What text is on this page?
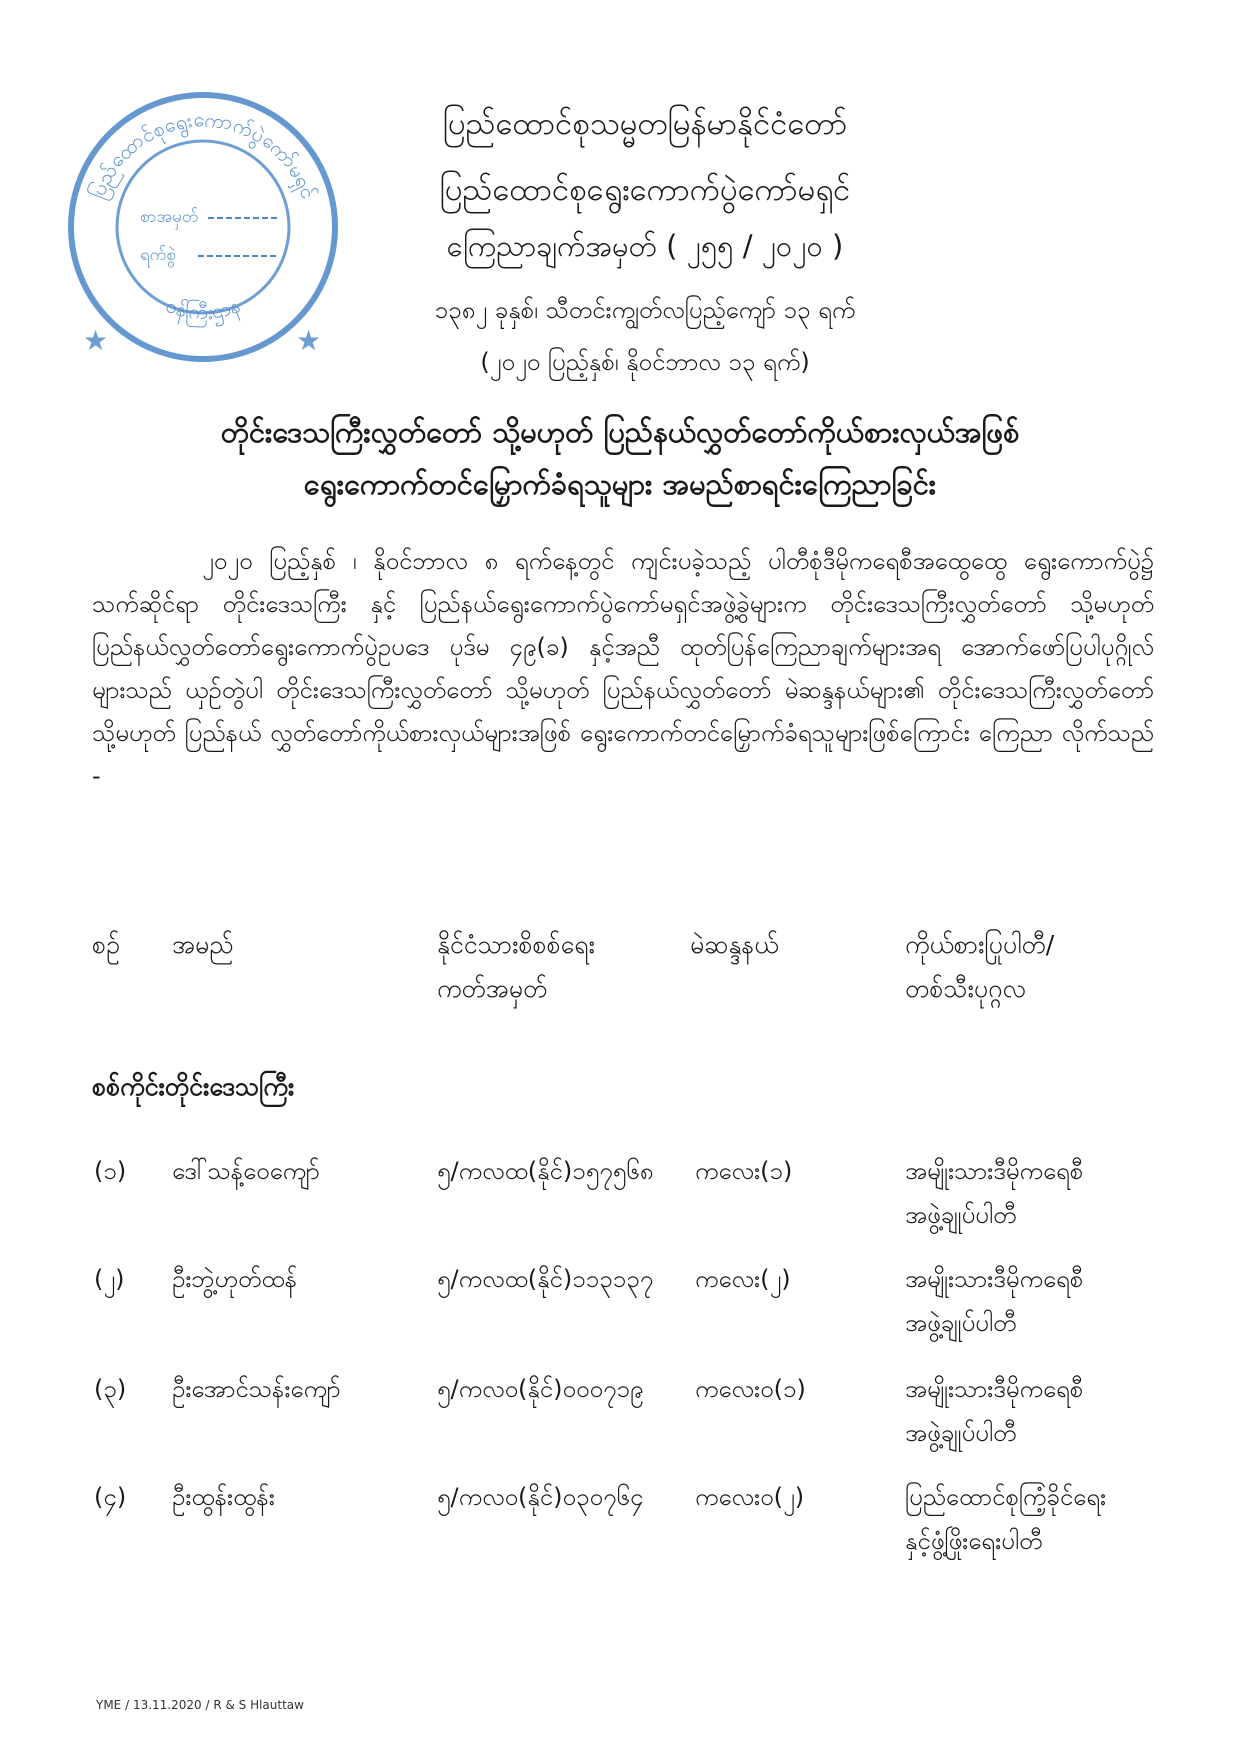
ပြည်ထောင်စုရွေးကောက်ပွဲကော်မရှင်
ဝန်ကြီးဌာန
★	★
စာအမှတ်
ရက်စွဲ
ပြည်ထောင်စုသမ္မတမြန်မာနိုင်ငံတော်
ပြည်ထောင်စုရွေးကောက်ပွဲကော်မရှင်
ကြေညာချက်အမှတ် ( ၂၅၅ / ၂၀၂၀ )
၁၃၈၂ ခုနှစ်၊ သီတင်းကျွတ်လပြည့်ကျော် ၁၃ ရက်
(၂၀၂၀ ပြည့်နှစ်၊ နိုဝင်ဘာလ ၁၃ ရက်)
တိုင်းဒေသကြီးလွှတ်တော် သို့မဟုတ် ပြည်နယ်လွှတ်တော်ကိုယ်စားလှယ်အဖြစ်
ရွေးကောက်တင်မြှောက်ခံရသူများ အမည်စာရင်းကြေညာခြင်း
၂၀၂၀ ပြည့်နှစ် ၊ နိုဝင်ဘာလ ၈ ရက်နေ့တွင် ကျင်းပခဲ့သည့် ပါတီစုံဒီမိုကရေစီအထွေထွေ ရွေးကောက်ပွဲ၌ သက်ဆိုင်ရာ တိုင်းဒေသကြီး နှင့် ပြည်နယ်ရွေးကောက်ပွဲကော်မရှင်အဖွဲ့ခွဲများက တိုင်းဒေသကြီးလွှတ်တော် သို့မဟုတ် ပြည်နယ်လွှတ်တော်ရွေးကောက်ပွဲဥပဒေ ပုဒ်မ ၄၉(ခ) နှင့်အညီ ထုတ်ပြန်ကြေညာချက်များအရ အောက်ဖော်ပြပါပုဂ္ဂိုလ်များသည် ယှဉ်တွဲပါ တိုင်းဒေသကြီးလွှတ်တော် သို့မဟုတ် ပြည်နယ်လွှတ်တော် မဲဆန္ဒနယ်များ၏ တိုင်းဒေသကြီးလွှတ်တော် သို့မဟုတ် ပြည်နယ် လွှတ်တော်ကိုယ်စားလှယ်များအဖြစ် ရွေးကောက်တင်မြှောက်ခံရသူများဖြစ်ကြောင်း ကြေညာ လိုက်သည် -
စဉ်	အမည်	နိုင်ငံသားစိစစ်ရေး
ကတ်အမှတ်
မဲဆန္ဒနယ်	ကိုယ်စားပြုပါတီ/
တစ်သီးပုဂ္ဂလ
စစ်ကိုင်းတိုင်းဒေသကြီး
(၁) ဒေါ်သန့်ဝေကျော်	၅/ကလထ(နိုင်)၁၅၇၅၆၈ ကလေး(၁)	အမျိုးသားဒီမိုကရေစီ
အဖွဲ့ချုပ်ပါတီ
(၂) ဦးဘွဲ့ဟုတ်ထန်	၅/ကလထ(နိုင်)၁၁၃၁၃၇ ကလေး(၂)	အမျိုးသားဒီမိုကရေစီ
အဖွဲ့ချုပ်ပါတီ
(၃) ဦးအောင်သန်းကျော်	၅/ကလဝ(နိုင်)၀၀၀၇၁၉ ကလေးဝ(၁)	အမျိုးသားဒီမိုကရေစီ
အဖွဲ့ချုပ်ပါတီ
(၄) ဦးထွန်းထွန်း	၅/ကလဝ(နိုင်)၀၃၀၇၆၄ ကလေးဝ(၂)	ပြည်ထောင်စုကြံ့ခိုင်ရေး
နှင့်ဖွံ့ဖြိုးရေးပါတီ
YME / 13.11.2020 / R & S Hlauttaw
